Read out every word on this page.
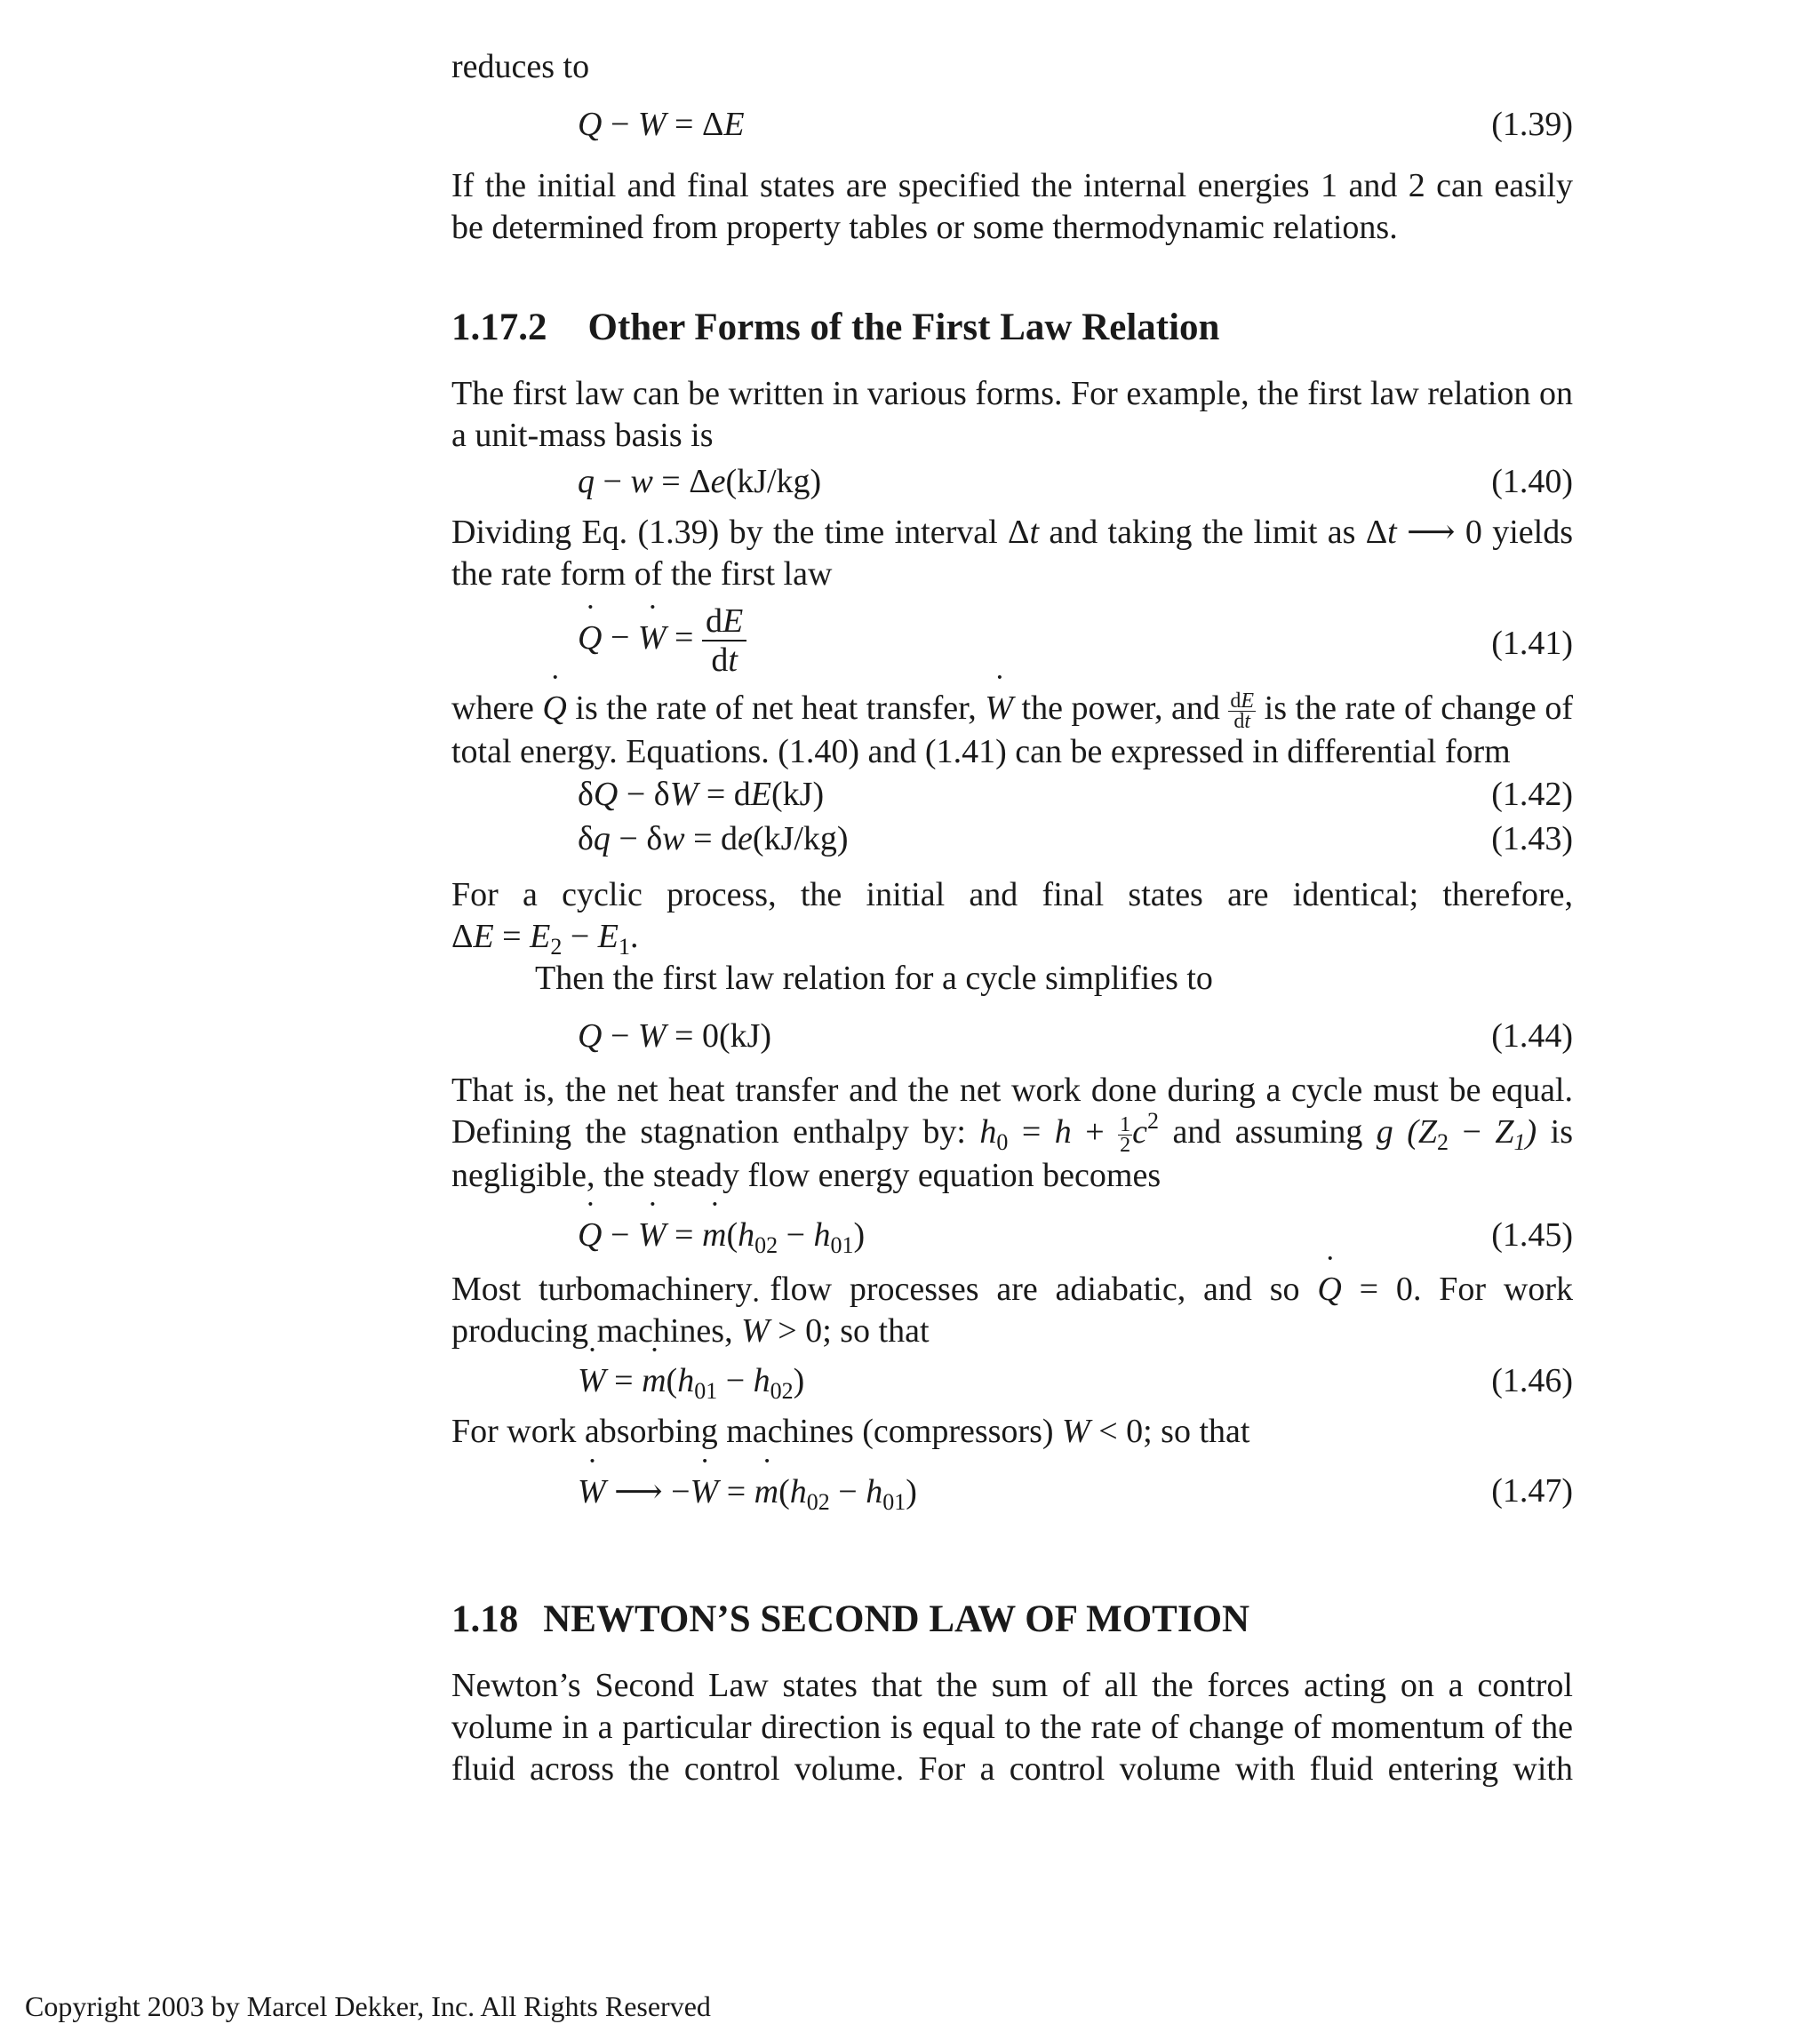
reduces to

Q − W = ΔE	(1.39)

If the initial and final states are specified the internal energies 1 and 2 can easily be determined from property tables or some thermodynamic relations.

1.17.2 Other Forms of the First Law Relation

The first law can be written in various forms. For example, the first law relation on a unit-mass basis is

q − w = Δe(kJ/kg)	(1.40)

Dividing Eq. (1.39) by the time interval Δt and taking the limit as Δt ⟶ 0 yields the rate form of the first law

˙ Q − ˙ $W = \frac{dE}{dt}$	(1.41)

where ˙ Q is the rate of net heat transfer, ˙ W the power, and $\frac{dE}{dt}$ is the rate of change of total energy. Equations. (1.40) and (1.41) can be expressed in differential form

δQ − δW = dE(kJ)	(1.42)
δq − δw = de(kJ/kg)	(1.43)

For a cyclic process, the initial and final states are identical; therefore,

$\Delta E = E_2 - E_1$.

Then the first law relation for a cycle simplifies to

Q − W = 0(kJ)	(1.44)

That is, the net heat transfer and the net work done during a cycle must be equal. Defining the stagnation enthalpy by: $h_0 = h + \frac{1}{2} c^2$ and assuming g $(Z_2 - Z_1)$ is negligible, the steady flow energy equation becomes

˙ Q − ˙ W = ˙ $m(h_{02} - h_{01})$	(1.45)

Most turbomachinery flow processes are adiabatic, and so ˙ Q = 0. For work producing machines, ˙ W > 0; so that

˙ W = ˙ $m(h_{01} - h_{02})$	(1.46)

For work absorbing machines (compressors) W < 0; so that

˙ W ⟶ −˙ W = ˙ $m(h_{02} - h_{01})$	(1.47)
1.18 NEWTON’S SECOND LAW OF MOTION

Newton’s Second Law states that the sum of all the forces acting on a control volume in a particular direction is equal to the rate of change of momentum of the fluid across the control volume. For a control volume with fluid entering with

Copyright 2003 by Marcel Dekker, Inc. All Rights Reserved
